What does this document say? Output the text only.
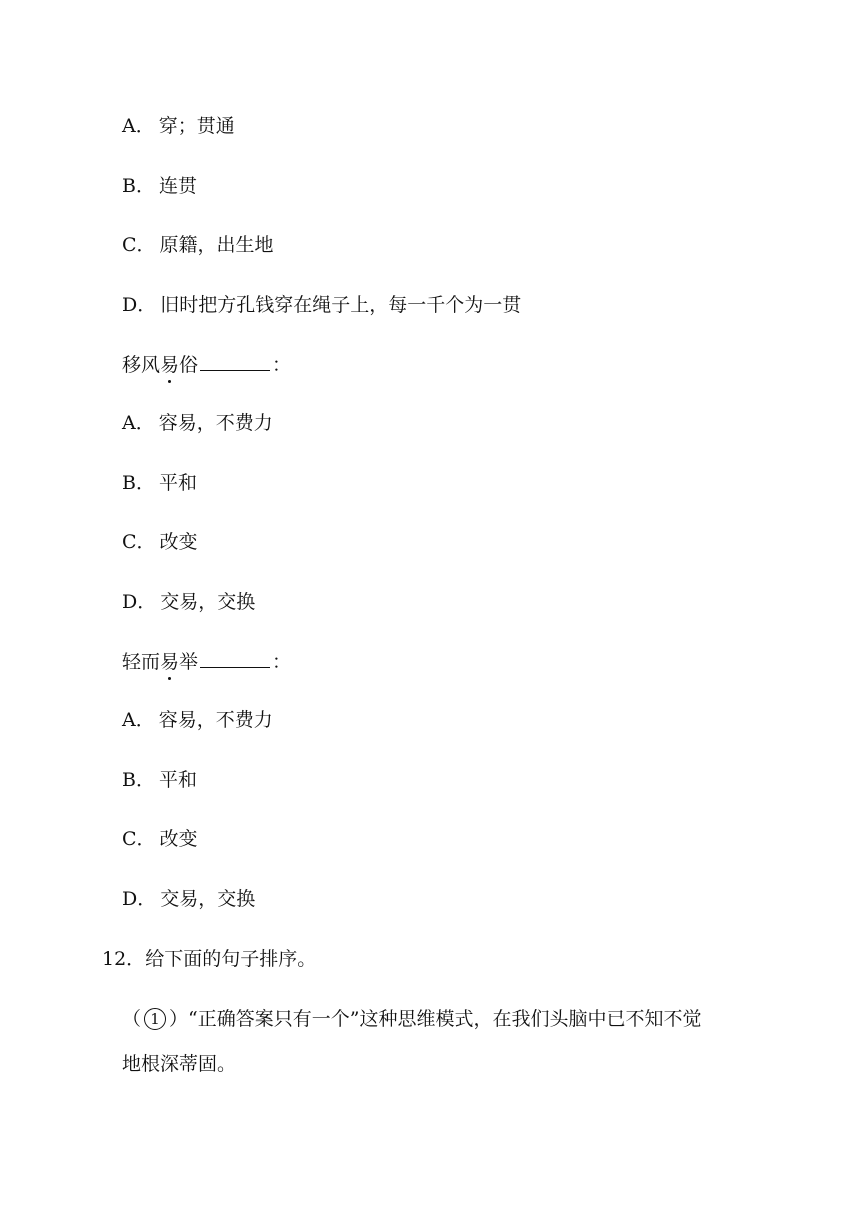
A． 穿；贯通
B． 连贯
C． 原籍，出生地
D． 旧时把方孔钱穿在绳子上，每一千个为一贯
移风易俗	：
A． 容易，不费力
B． 平和
C． 改变
D． 交易，交换
轻而易举	：
A． 容易，不费力
B． 平和
C． 改变
D． 交易，交换
12．给下面的句子排序。
（ 1 ）“正确答案只有一个”这种思维模式，在我们头脑中已不知不觉
地根深蒂固。
